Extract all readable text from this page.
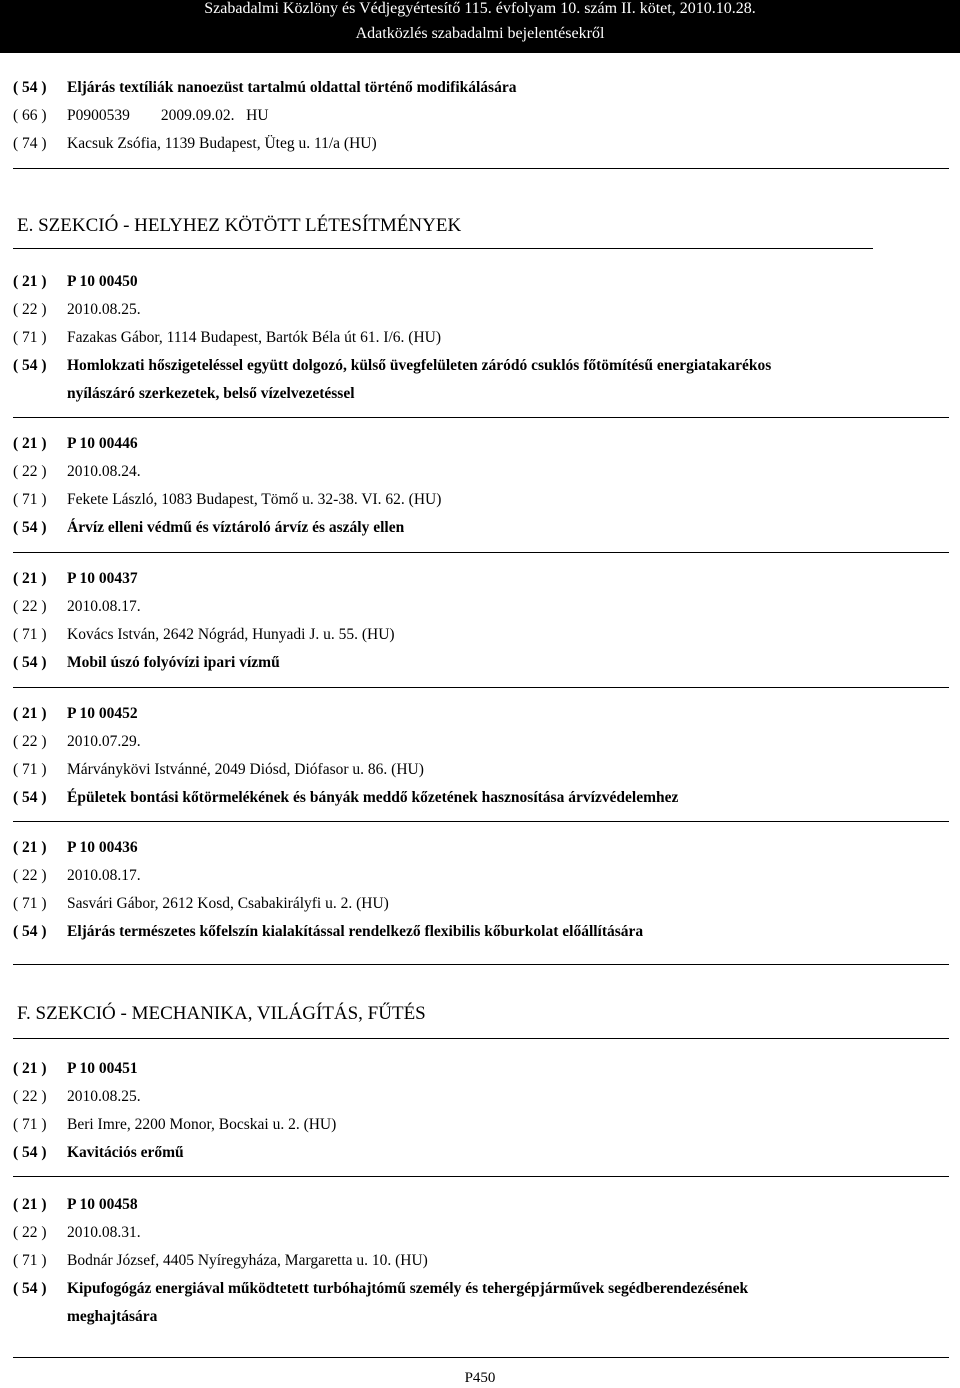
Szabadalmi Közlöny és Védjegyértesítő 115. évfolyam 10. szám II. kötet, 2010.10.28.
Adatközlés szabadalmi bejelentésekről
( 54 ) Eljárás textíliák nanoezüst tartalmú oldattal történő modifikálására
( 66 ) P0900539        2009.09.02.   HU
( 74 ) Kacsuk Zsófia, 1139 Budapest, Üteg u. 11/a (HU)
E. SZEKCIÓ - HELYHEZ KÖTÖTT LÉTESÍTMÉNYEK
( 21 ) P 10 00450
( 22 ) 2010.08.25.
( 71 ) Fazakas Gábor, 1114 Budapest, Bartók Béla út 61. I/6. (HU)
( 54 ) Homlokzati hőszigeteléssel együtt dolgozó, külső üvegfelületen záródó csuklós főtömítésű energiatakarékos
nyílászáró szerkezetek, belső vízelvezetéssel
( 21 ) P 10 00446
( 22 ) 2010.08.24.
( 71 ) Fekete László, 1083 Budapest, Tömő u. 32-38. VI. 62. (HU)
( 54 ) Árvíz elleni védmű és víztároló árvíz és aszály ellen
( 21 ) P 10 00437
( 22 ) 2010.08.17.
( 71 ) Kovács István, 2642 Nógrád, Hunyadi J. u. 55. (HU)
( 54 ) Mobil úszó folyóvízi ipari vízmű
( 21 ) P 10 00452
( 22 ) 2010.07.29.
( 71 ) Márványkövi Istvánné, 2049 Diósd, Diófasor u. 86. (HU)
( 54 ) Épületek bontási kőtörmelékének és bányák meddő kőzetének hasznosítása árvízvédelemhez
( 21 ) P 10 00436
( 22 ) 2010.08.17.
( 71 ) Sasvári Gábor, 2612 Kosd, Csabakirályfi u. 2. (HU)
( 54 ) Eljárás természetes kőfelszín kialakítással rendelkező flexibilis kőburkolat előállítására
F. SZEKCIÓ - MECHANIKA, VILÁGÍTÁS, FŰTÉS
( 21 ) P 10 00451
( 22 ) 2010.08.25.
( 71 ) Beri Imre, 2200 Monor, Bocskai u. 2. (HU)
( 54 ) Kavitációs erőmű
( 21 ) P 10 00458
( 22 ) 2010.08.31.
( 71 ) Bodnár József, 4405 Nyíregyháza, Margaretta u. 10. (HU)
( 54 ) Kipufogógáz energiával működtetett turbóhajtómű személy és tehergépjárművek segédberendezésének
meghajtására
P450
